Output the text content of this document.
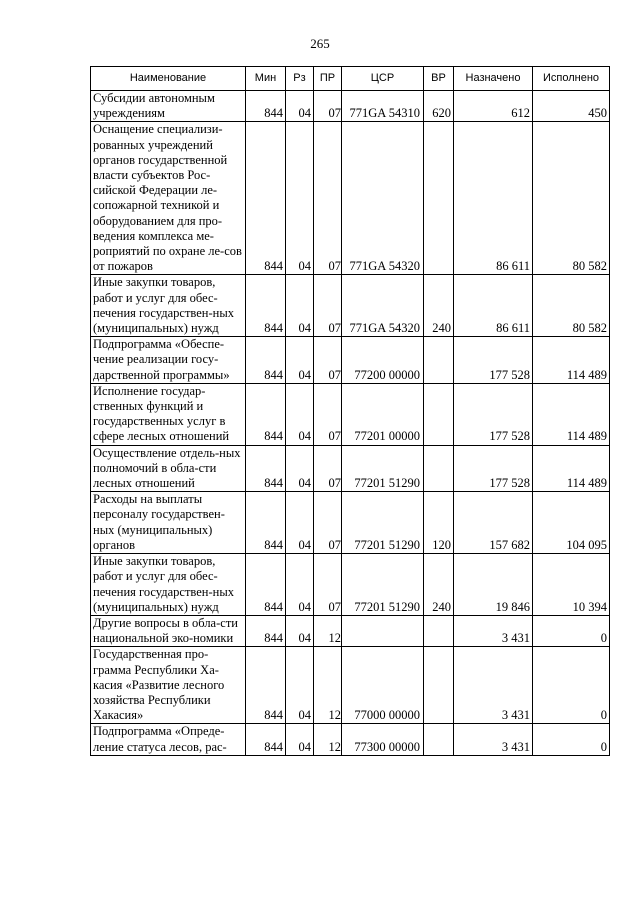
265
Наименование	Мин	Рз	ПР	ЦСР	ВР	Назначено	Исполнено
Субсидии автономным учреждениям	844	04	07	771GA 54310	620	612	450
Оснащение специализи-рованных учреждений органов государственной власти субъектов Рос-сийской Федерации ле-сопожарной техникой и оборудованием для про-ведения комплекса ме-роприятий по охране ле-сов от пожаров	844	04	07	771GA 54320		86 611	80 582
Иные закупки товаров, работ и услуг для обес-печения государствен-ных (муниципальных) нужд	844	04	07	771GA 54320	240	86 611	80 582
Подпрограмма «Обеспе-чение реализации госу-дарственной программы»	844	04	07	77200 00000		177 528	114 489
Исполнение государ-ственных функций и государственных услуг в сфере лесных отношений	844	04	07	77201 00000		177 528	114 489
Осуществление отдель-ных полномочий в обла-сти лесных отношений	844	04	07	77201 51290		177 528	114 489
Расходы на выплаты персоналу государствен-ных (муниципальных) органов	844	04	07	77201 51290	120	157 682	104 095
Иные закупки товаров, работ и услуг для обес-печения государствен-ных (муниципальных) нужд	844	04	07	77201 51290	240	19 846	10 394
Другие вопросы в обла-сти национальной эко-номики	844	04	12			3 431	0
Государственная про-грамма Республики Ха-касия «Развитие лесного хозяйства Республики Хакасия»	844	04	12	77000 00000		3 431	0
Подпрограмма «Опреде-ление статуса лесов, рас-	844	04	12	77300 00000		3 431	0
